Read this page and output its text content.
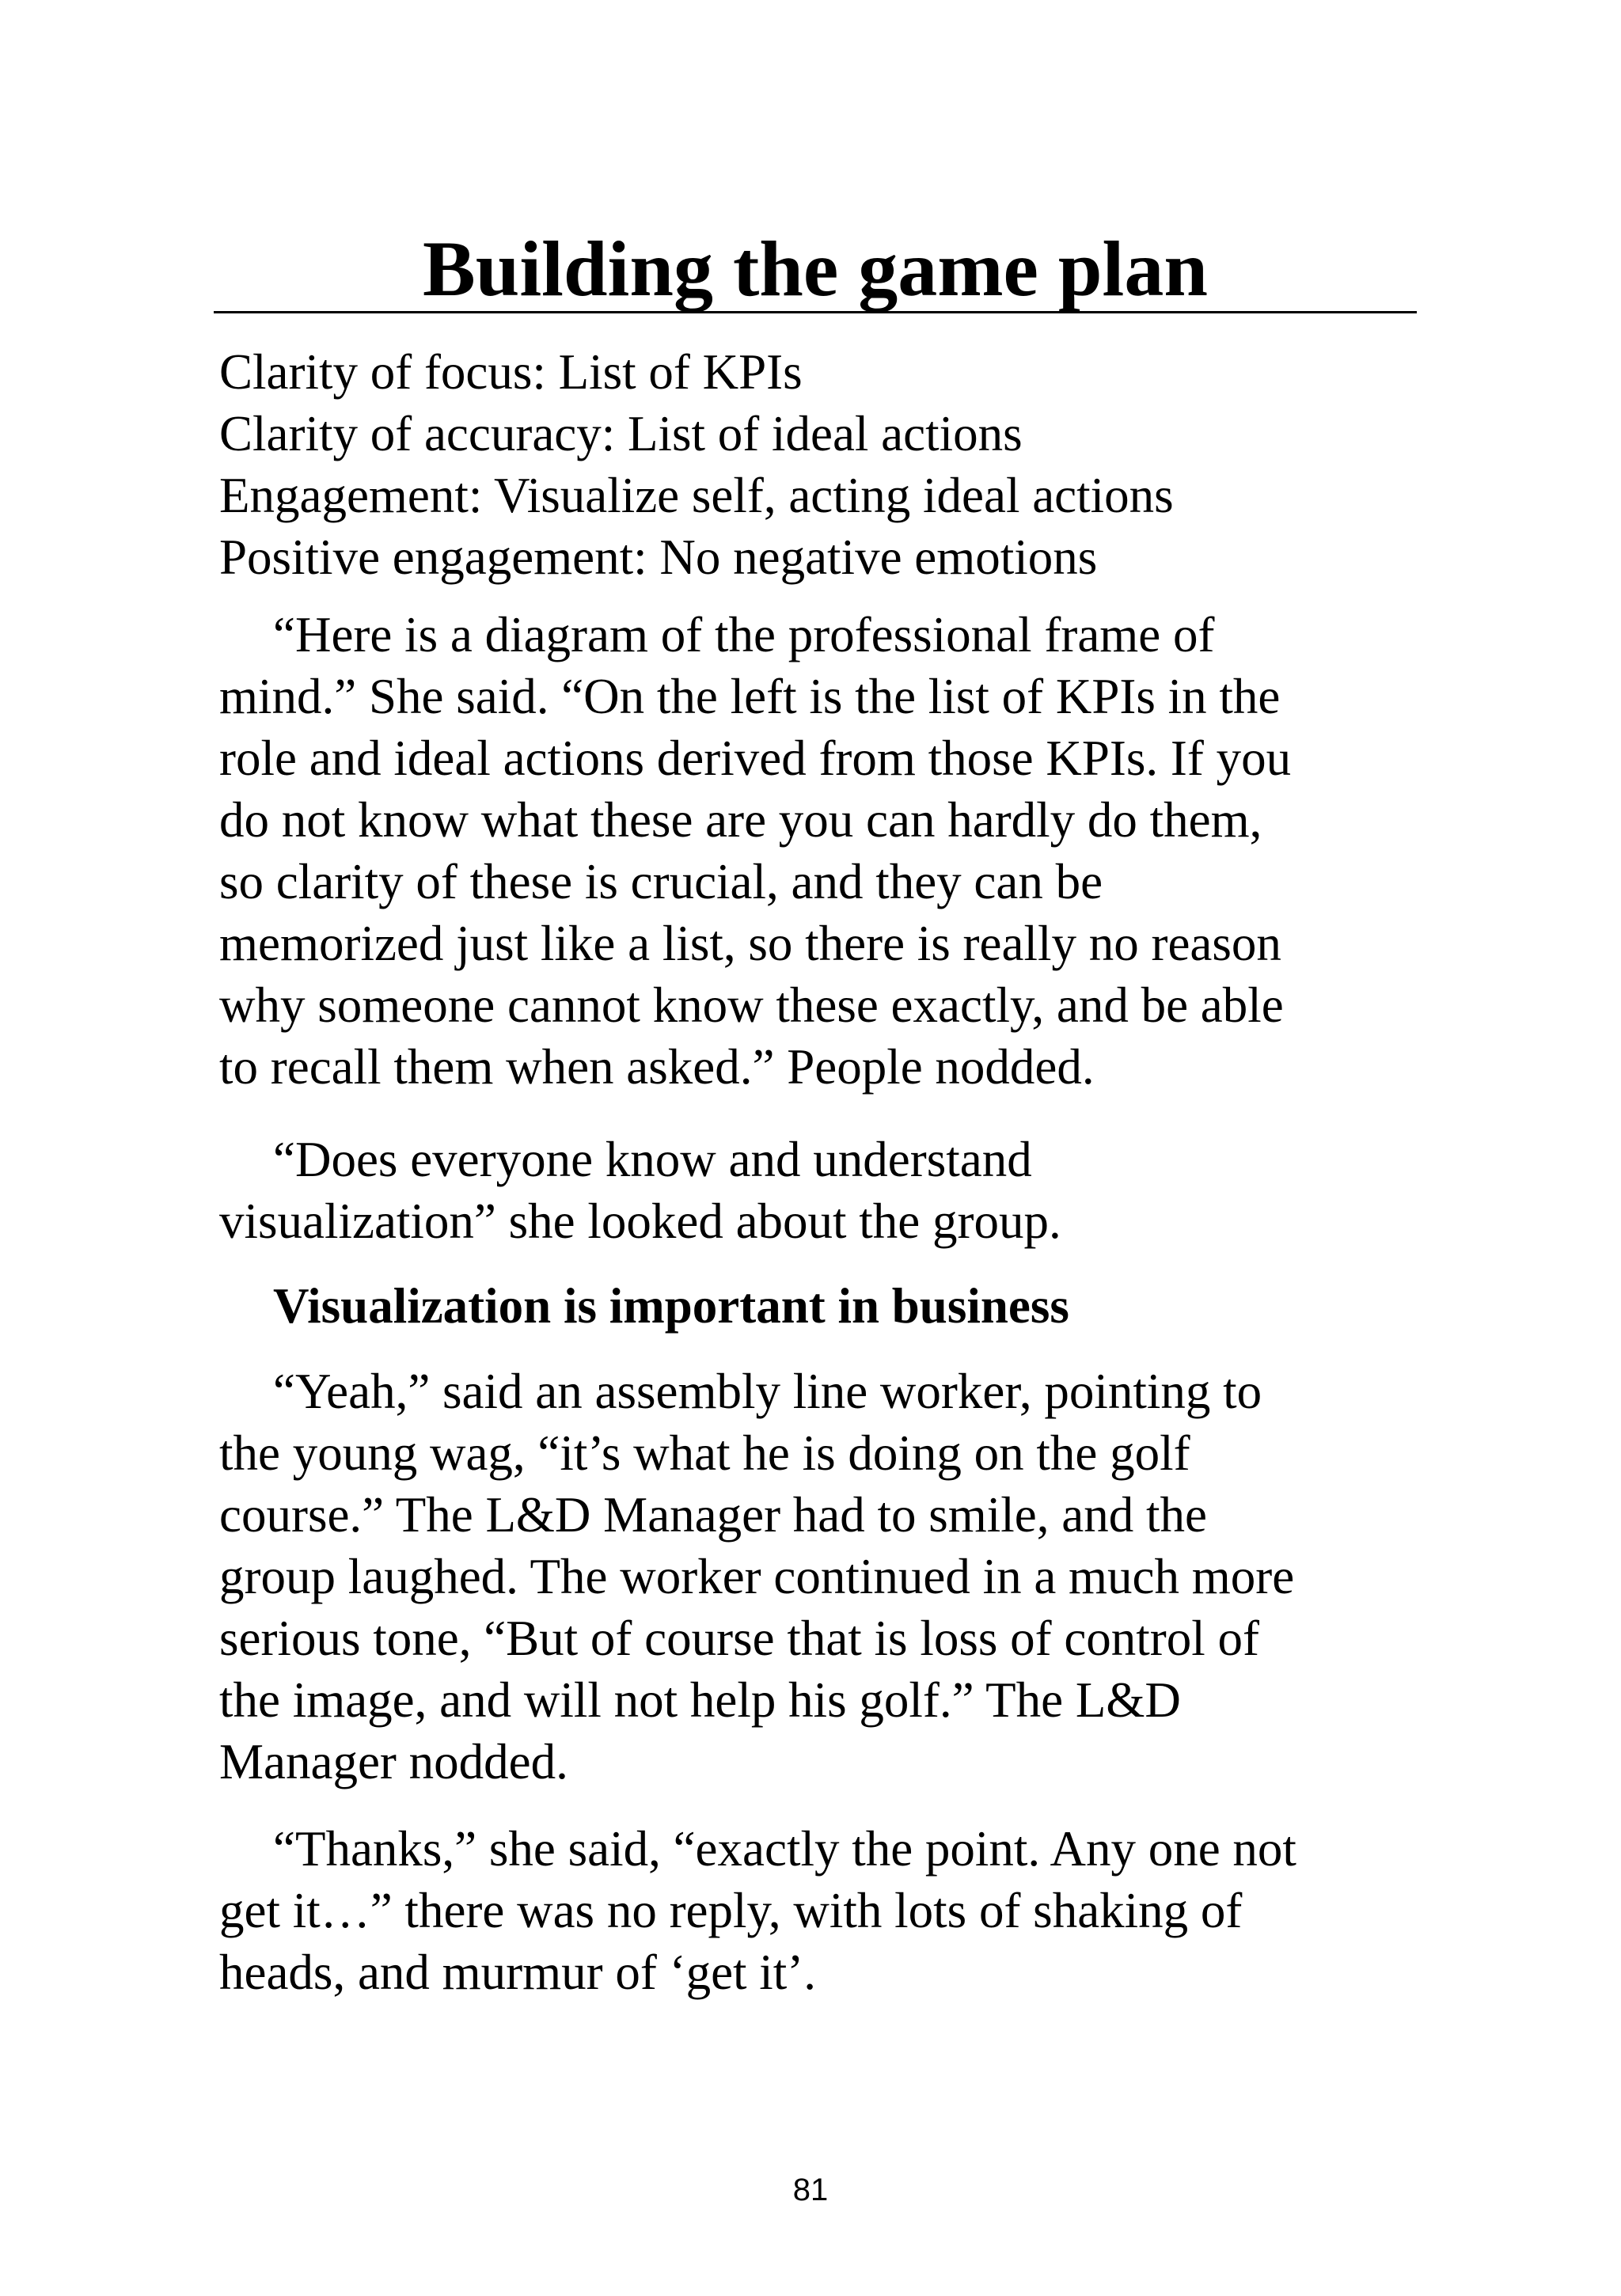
Building the game plan
Clarity of focus: List of KPIs
Clarity of accuracy: List of ideal actions
Engagement: Visualize self, acting ideal actions
Positive engagement: No negative emotions
“Here is a diagram of the professional frame of
mind.” She said. “On the left is the list of KPIs in the
role and ideal actions derived from those KPIs. If you
do not know what these are you can hardly do them,
so clarity of these is crucial, and they can be
memorized just like a list, so there is really no reason
why someone cannot know these exactly, and be able
to recall them when asked.” People nodded.
“Does everyone know and understand
visualization” she looked about the group.
Visualization is important in business
“Yeah,” said an assembly line worker, pointing to
the young wag, “it’s what he is doing on the golf
course.” The L&D Manager had to smile, and the
group laughed. The worker continued in a much more
serious tone, “But of course that is loss of control of
the image, and will not help his golf.” The L&D
Manager nodded.
“Thanks,” she said, “exactly the point. Any one not
get it…” there was no reply, with lots of shaking of
heads, and murmur of ‘get it’.
81
